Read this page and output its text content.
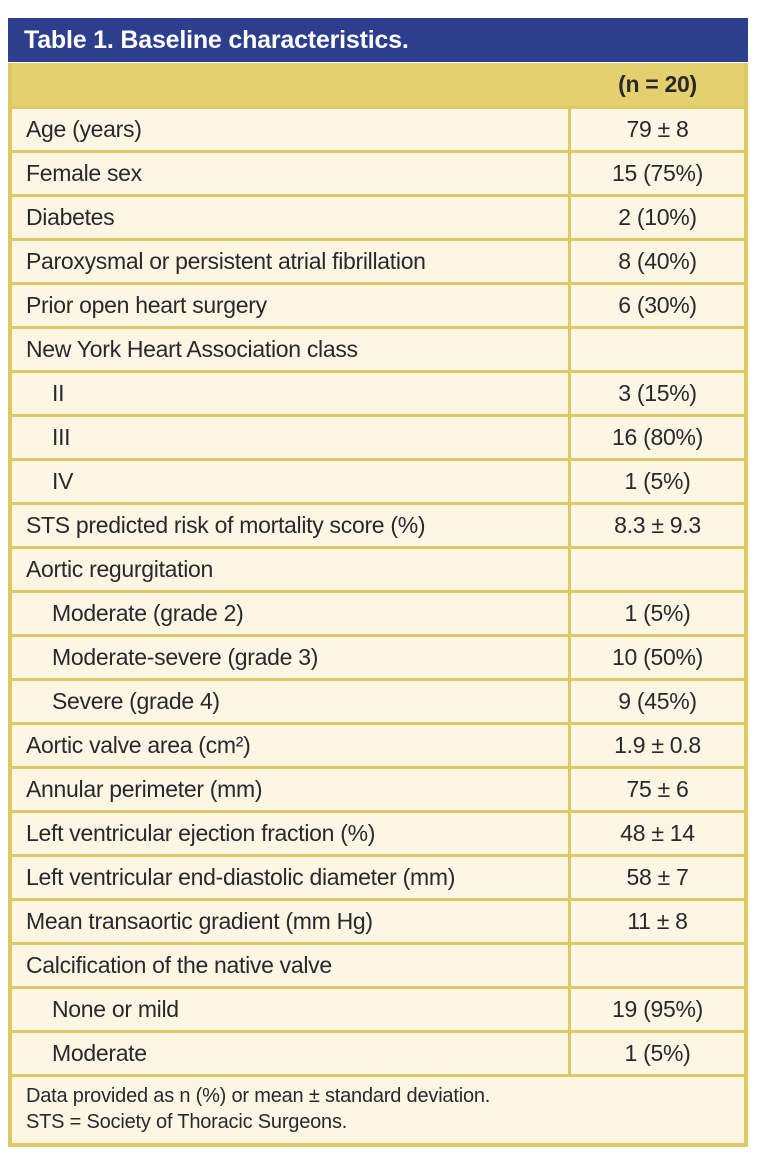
Table 1. Baseline characteristics.
(n = 20)
Age (years)	79 ± 8
Female sex	15 (75%)
Diabetes	2 (10%)
Paroxysmal or persistent atrial fibrillation	8 (40%)
Prior open heart surgery	6 (30%)
New York Heart Association class
II	3 (15%)
III	16 (80%)
IV	1 (5%)
STS predicted risk of mortality score (%)	8.3 ± 9.3
Aortic regurgitation
Moderate (grade 2)	1 (5%)
Moderate-severe (grade 3)	10 (50%)
Severe (grade 4)	9 (45%)
Aortic valve area (cm²)	1.9 ± 0.8
Annular perimeter (mm)	75 ± 6
Left ventricular ejection fraction (%)	48 ± 14
Left ventricular end-diastolic diameter (mm)	58 ± 7
Mean transaortic gradient (mm Hg)	11 ± 8
Calcification of the native valve
None or mild	19 (95%)
Moderate	1 (5%)
Data provided as n (%) or mean ± standard deviation.
STS = Society of Thoracic Surgeons.
